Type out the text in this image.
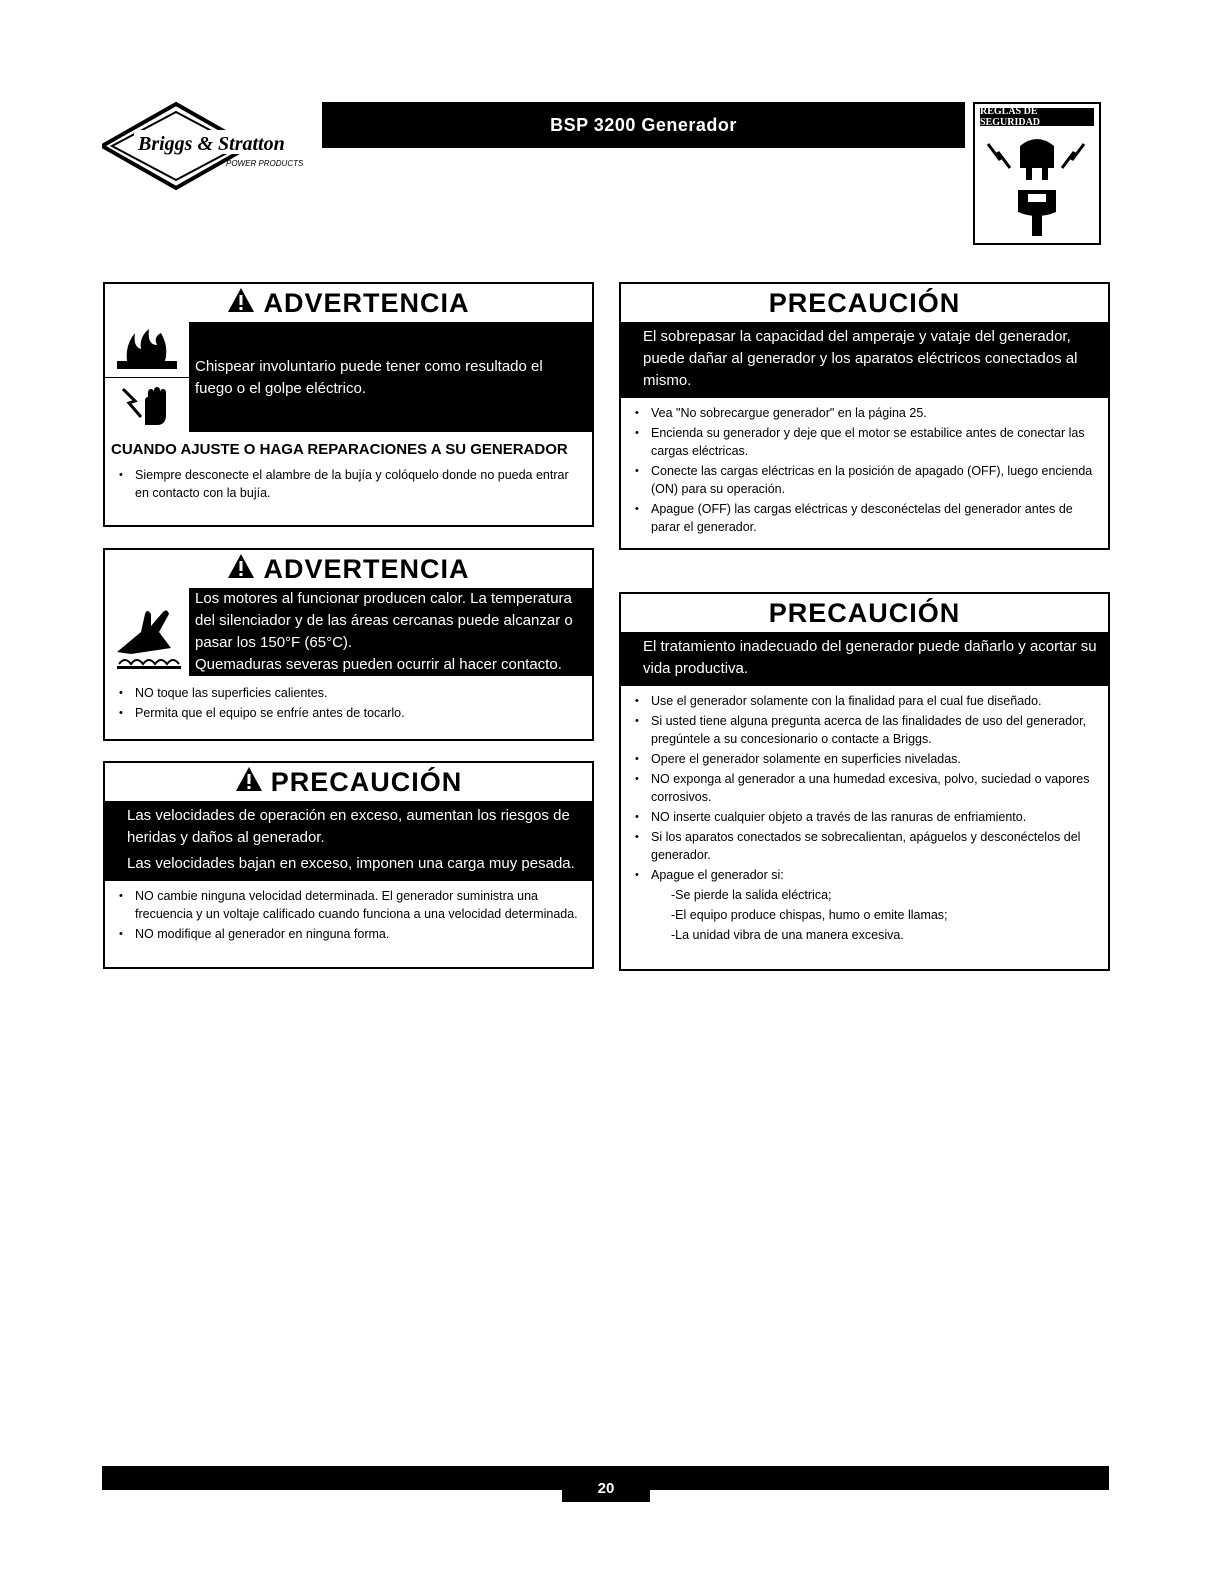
Briggs & Stratton
POWER PRODUCTS
BSP 3200 Generador
REGLAS DE SEGURIDAD
ADVERTENCIA
Chispear involuntario puede tener como resultado el fuego o el golpe eléctrico.
CUANDO AJUSTE O HAGA REPARACIONES A SU GENERADOR
• Siempre desconecte el alambre de la bujía y colóquelo donde no pueda entrar en contacto con la bujía.
ADVERTENCIA

Los motores al funcionar producen calor. La temperatura del silenciador y de las áreas cercanas puede alcanzar o pasar los 150°F (65°C).

Quemaduras severas pueden ocurrir al hacer contacto.

• NO toque las superficies calientes.
• Permita que el equipo se enfríe antes de tocarlo.
PRECAUCIÓN

Las velocidades de operación en exceso, aumentan los riesgos de heridas y daños al generador.

Las velocidades bajan en exceso, imponen una carga muy pesada.

• NO cambie ninguna velocidad determinada. El generador suministra una frecuencia y un voltaje calificado cuando funciona a una velocidad determinada.
• NO modifique al generador en ninguna forma.
PRECAUCIÓN
El sobrepasar la capacidad del amperaje y vataje del generador, puede dañar al generador y los aparatos eléctricos conectados al mismo.
• Vea "No sobrecargue generador" en la página 25.
• Encienda su generador y deje que el motor se estabilice antes de conectar las cargas eléctricas.
• Conecte las cargas eléctricas en la posición de apagado (OFF), luego encienda (ON) para su operación.
• Apague (OFF) las cargas eléctricas y desconéctelas del generador antes de parar el generador.
PRECAUCIÓN
El tratamiento inadecuado del generador puede dañarlo y acortar su vida productiva.
• Use el generador solamente con la finalidad para el cual fue diseñado.
• Si usted tiene alguna pregunta acerca de las finalidades de uso del generador, pregúntele a su concesionario o contacte a Briggs.
• Opere el generador solamente en superficies niveladas.
• NO exponga al generador a una humedad excesiva, polvo, suciedad o vapores corrosivos.
• NO inserte cualquier objeto a través de las ranuras de enfriamiento.
• Si los aparatos conectados se sobrecalientan, apáguelos y desconéctelos del generador.
• Apague el generador si:
-Se pierde la salida eléctrica;
-El equipo produce chispas, humo o emite llamas;
-La unidad vibra de una manera excesiva.
20
